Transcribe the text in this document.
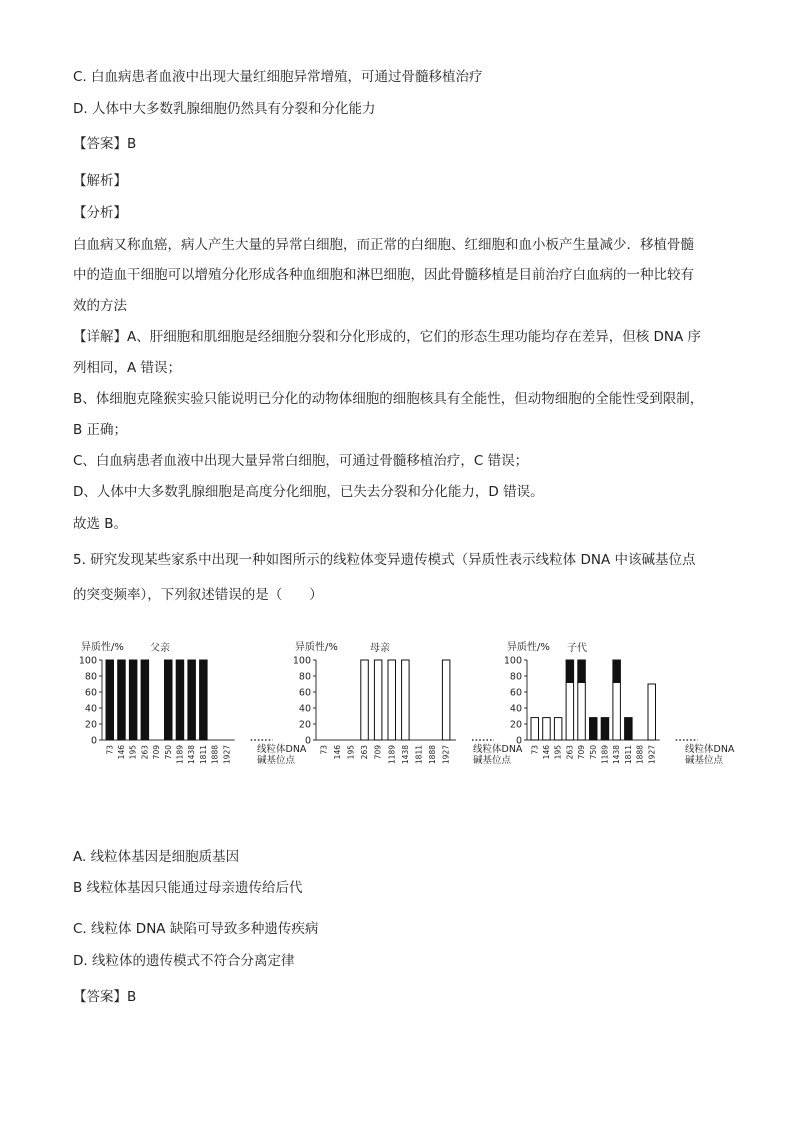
C. 白血病患者血液中出现大量红细胞异常增殖，可通过骨髓移植治疗
D. 人体中大多数乳腺细胞仍然具有分裂和分化能力
【答案】B
【解析】
【分析】
白血病又称血癌，病人产生大量的异常白细胞，而正常的白细胞、红细胞和血小板产生量减少．移植骨髓
中的造血干细胞可以增殖分化形成各种血细胞和淋巴细胞，因此骨髓移植是目前治疗白血病的一种比较有
效的方法
【详解】A、肝细胞和肌细胞是经细胞分裂和分化形成的，它们的形态生理功能均存在差异，但核 DNA 序
列相同，A 错误；
B、体细胞克隆猴实验只能说明已分化的动物体细胞的细胞核具有全能性，但动物细胞的全能性受到限制，
B 正确；
C、白血病患者血液中出现大量异常白细胞，可通过骨髓移植治疗，C 错误；
D、人体中大多数乳腺细胞是高度分化细胞，已失去分裂和分化能力，D 错误。
故选 B。
5. 研究发现某些家系中出现一种如图所示的线粒体变异遗传模式（异质性表示线粒体 DNA 中该碱基位点
的突变频率），下列叙述错误的是（　　）
异质性/%	父亲
0
20
40
60
80
100
线粒体DNA 碱基位点
73 146 195 263 709 750 1189 1438 1811 1888 1927
异质性/%	母亲
0
20
40
60
80
100
线粒体DNA 碱基位点
73 146 195 263 709 1189 1438 1811 1888 1927
异质性/% 子代
0
20
40
60
80
100
线粒体DNA 碱基位点
73 146 195 263 709 750 1189 1438 1811 1888 1927
A. 线粒体基因是细胞质基因
B 线粒体基因只能通过母亲遗传给后代
C. 线粒体 DNA 缺陷可导致多种遗传疾病
D. 线粒体的遗传模式不符合分离定律
【答案】B
